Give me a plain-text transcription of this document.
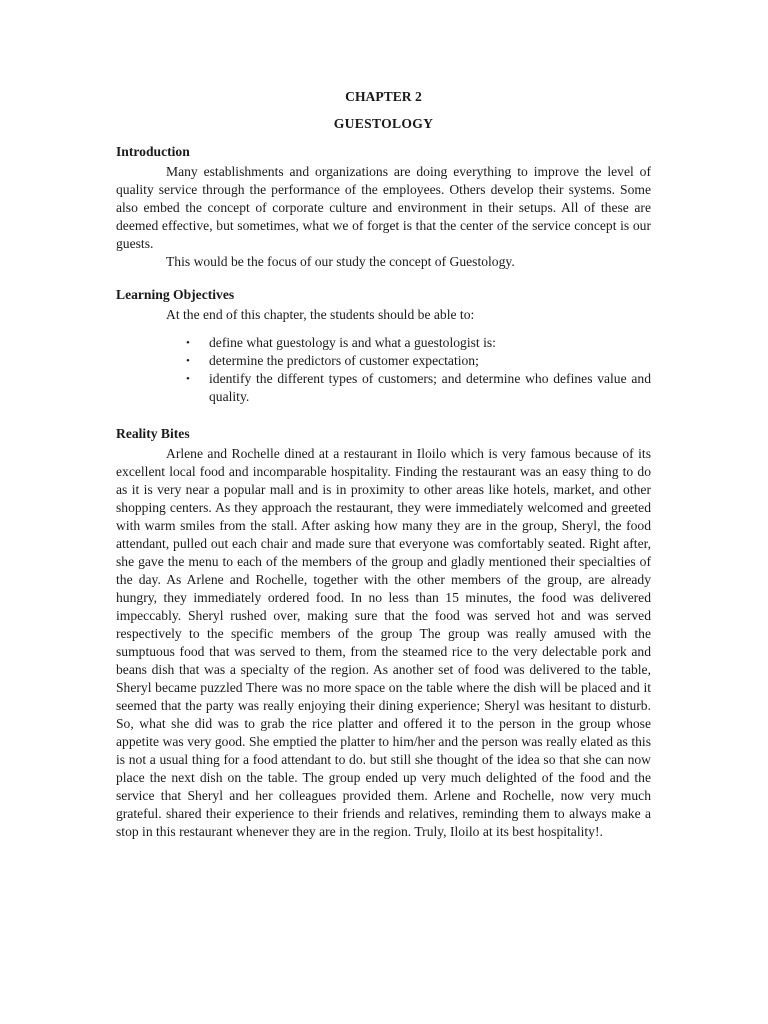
CHAPTER 2
GUESTOLOGY
Introduction

Many establishments and organizations are doing everything to improve the level of quality service through the performance of the employees. Others develop their systems. Some also embed the concept of corporate culture and environment in their setups. All of these are deemed effective, but sometimes, what we of forget is that the center of the service concept is our guests.

This would be the focus of our study the concept of Guestology.

Learning Objectives

At the end of this chapter, the students should be able to:

• define what guestology is and what a guestologist is:
• determine the predictors of customer expectation;
• identify the different types of customers; and determine who defines value and quality.
Reality Bites

Arlene and Rochelle dined at a restaurant in Iloilo which is very famous because of its excellent local food and incomparable hospitality. Finding the restaurant was an easy thing to do as it is very near a popular mall and is in proximity to other areas like hotels, market, and other shopping centers. As they approach the restaurant, they were immediately welcomed and greeted with warm smiles from the stall. After asking how many they are in the group, Sheryl, the food attendant, pulled out each chair and made sure that everyone was comfortably seated. Right after, she gave the menu to each of the members of the group and gladly mentioned their specialties of the day. As Arlene and Rochelle, together with the other members of the group, are already hungry, they immediately ordered food. In no less than 15 minutes, the food was delivered impeccably. Sheryl rushed over, making sure that the food was served hot and was served respectively to the specific members of the group The group was really amused with the sumptuous food that was served to them, from the steamed rice to the very delectable pork and beans dish that was a specialty of the region. As another set of food was delivered to the table, Sheryl became puzzled There was no more space on the table where the dish will be placed and it seemed that the party was really enjoying their dining experience; Sheryl was hesitant to disturb. So, what she did was to grab the rice platter and offered it to the person in the group whose appetite was very good. She emptied the platter to him/her and the person was really elated as this is not a usual thing for a food attendant to do. but still she thought of the idea so that she can now place the next dish on the table. The group ended up very much delighted of the food and the service that Sheryl and her colleagues provided them. Arlene and Rochelle, now very much grateful. shared their experience to their friends and relatives, reminding them to always make a stop in this restaurant whenever they are in the region. Truly, Iloilo at its best hospitality!.
